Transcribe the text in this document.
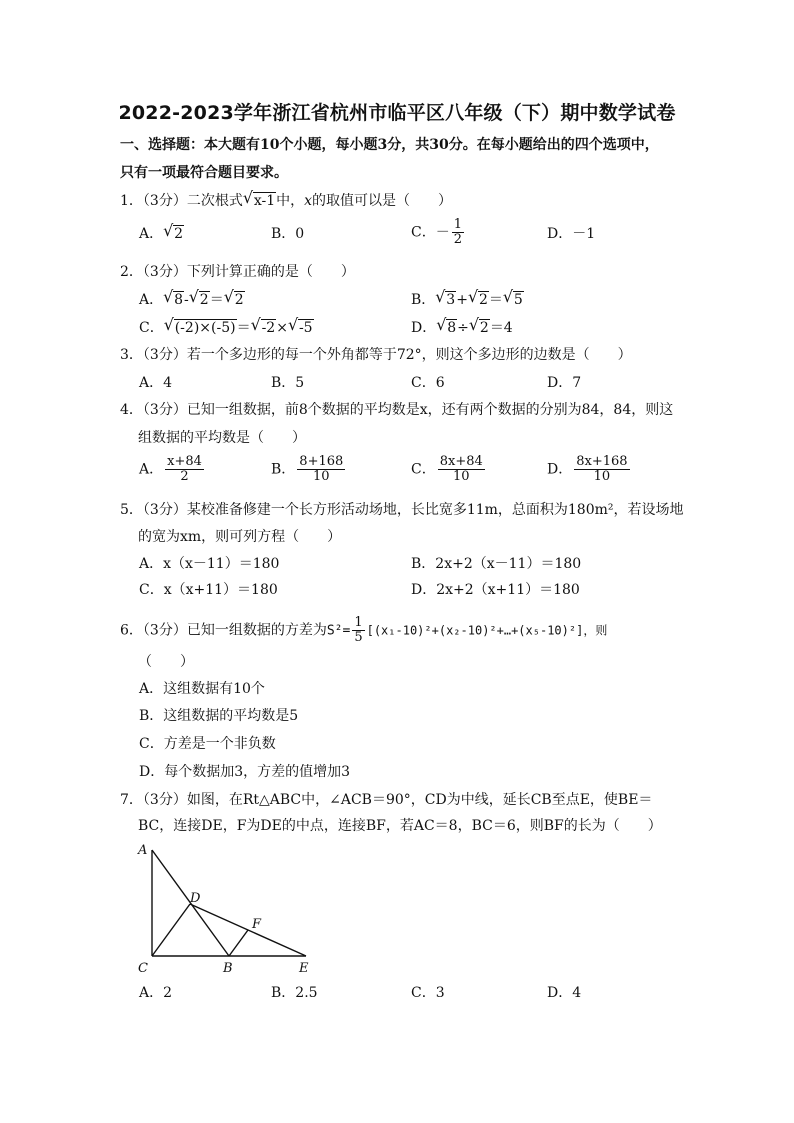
2022-2023学年浙江省杭州市临平区八年级（下）期中数学试卷
一、选择题：本大题有10个小题，每小题3分，共30分。在每小题给出的四个选项中，
只有一项最符合题目要求。
1．（3分）二次根式 √ x-1中，x的取值可以是（　　）
A． √ 2	B．0	C．－ $\frac{1}{2}$	D．－1
2．（3分）下列计算正确的是（　　）
A． √ 8- √ 2＝ √ 2	B． √ 3+ √ 2＝ √ 5
C． √ (-2)×(-5)＝ √ -2× √ -5	D． √ 8÷ √ 2＝4
3．（3分）若一个多边形的每一个外角都等于72°，则这个多边形的边数是（　　）
A．4	B．5	C．6	D．7
4．（3分）已知一组数据，前8个数据的平均数是x，还有两个数据的分别为84，84，则这
组数据的平均数是（　　）
A． $\frac{x+84}{2}$	B． $\frac{8+168}{10}$	C． $\frac{8x+84}{10}$	D． $\frac{8x+168}{10}$
5．（3分）某校准备修建一个长方形活动场地，长比宽多11m，总面积为180m²，若设场地
的宽为xm，则可列方程（　　）
A．x（x－11）＝180	B．2x+2（x－11）＝180
C．x（x+11）＝180	D．2x+2（x+11）＝180
6．（3分）已知一组数据的方差为$S^2= \frac{1}{5}$ [(x₁-10)²+(x₂-10)²+…+(x₅-10)²]，则
（　　）
A．这组数据有10个
B．这组数据的平均数是5
C．方差是一个非负数
D．每个数据加3，方差的值增加3
7．（3分）如图，在Rt△ABC中，∠ACB＝90°，CD为中线，延长CB至点E，使BE＝
BC，连接DE，F为DE的中点，连接BF，若AC＝8，BC＝6，则BF的长为（　　）
A
C
D
B	E
F
A．2	B．2.5	C．3	D．4
